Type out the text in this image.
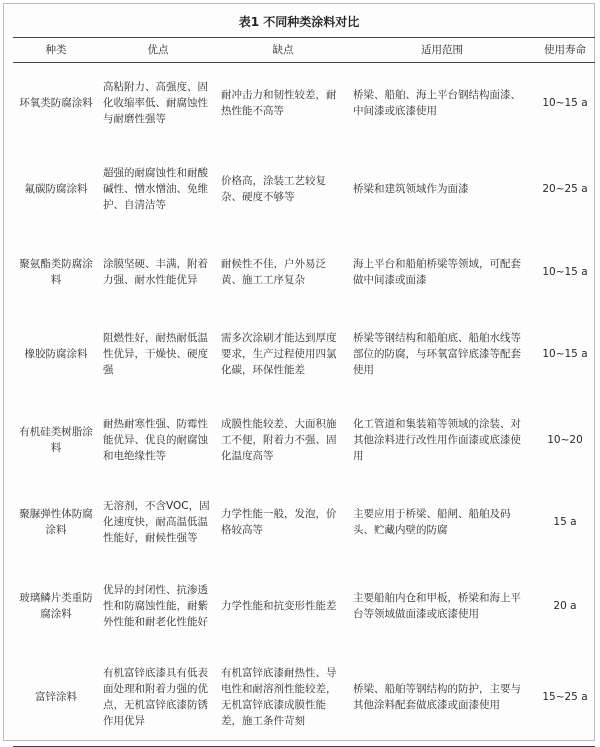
表1 不同种类涂料对比
种类	优点	缺点	适用范围	使用寿命
环氧类防腐涂料	高粘附力、高强度、固化收缩率低、耐腐蚀性与耐磨性强等	耐冲击力和韧性较差，耐热性能不高等	桥梁、船舶、海上平台钢结构面漆、中间漆或底漆使用	10~15 a
氟碳防腐涂料	超强的耐腐蚀性和耐酸碱性、憎水憎油、免维护、自清洁等	价格高，涂装工艺较复杂、硬度不够等	桥梁和建筑领域作为面漆	20~25 a
聚氨酯类防腐涂料	涂膜坚硬、丰满，附着力强、耐水性能优异	耐候性不佳，户外易泛黄、施工工序复杂	海上平台和船舶桥梁等领域，可配套做中间漆或面漆	10~15 a
橡胶防腐涂料	阻燃性好，耐热耐低温性优异，干燥快、硬度强	需多次涂刷才能达到厚度要求，生产过程使用四氯化碳，环保性能差	桥梁等钢结构和船舶底、船舶水线等部位的防腐，与环氧富锌底漆等配套使用	10~15 a
有机硅类树脂涂料	耐热耐寒性强、防霉性能优异、优良的耐腐蚀和电绝缘性等	成膜性能较差、大面积施工不便，附着力不强、固化温度高等	化工管道和集装箱等领域的涂装、对其他涂料进行改性用作面漆或底漆使用	10~20
聚脲弹性体防腐涂料	无溶剂，不含VOC，固化速度快，耐高温低温性能好，耐候性强等	力学性能一般，发泡，价格较高等	主要应用于桥梁、船闸、船舶及码头、贮藏内壁的防腐	15 a
玻璃鳞片类重防腐涂料	优异的封闭性、抗渗透性和防腐蚀性能，耐紫外性能和耐老化性能好	力学性能和抗变形性能差	主要船舶内仓和甲板，桥梁和海上平台等领域做面漆或底漆使用	20 a
富锌涂料	有机富锌底漆具有低表面处理和附着力强的优点，无机富锌底漆防锈作用优异	有机富锌底漆耐热性、导电性和耐溶剂性能较差，无机富锌底漆成膜性能差，施工条件苛刻	桥梁、船舶等钢结构的防护，主要与其他涂料配套做底漆或面漆使用	15~25 a
